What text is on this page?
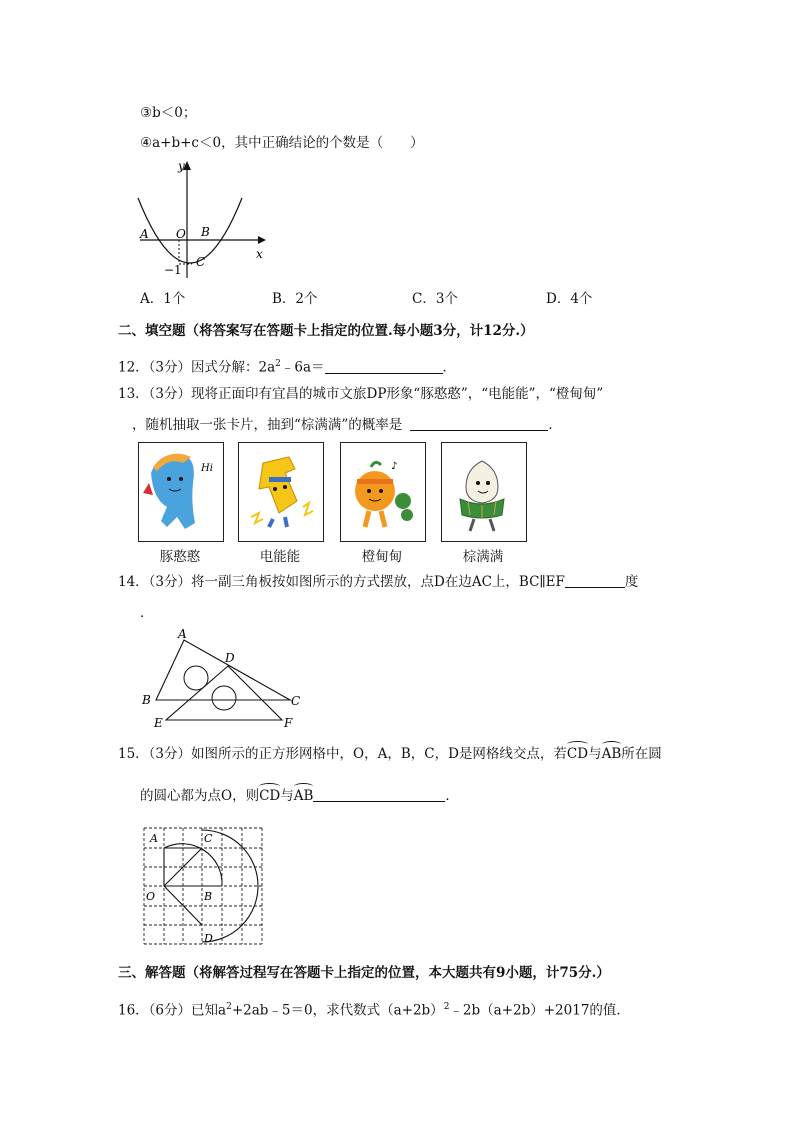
③b＜0；
④a+b+c＜0，其中正确结论的个数是（　　）
y
x
A O B
C
−1
A．1个	B．2个	C．3个	D．4个
二、填空题（将答案写在答题卡上指定的位置.每小题3分，计12分.）
12．（3分）因式分解：$2a^2﹣6a=$	．
13．（3分）现将正面印有宜昌的城市文旅DP形象“豚憨憨”，“电能能”，“橙甸甸”
，随机抽取一张卡片，抽到“棕满满”的概率是	．
Hi	♪
豚憨憨	电能能	橙甸甸	棕满满
14．（3分）将一副三角板按如图所示的方式摆放，点D在边AC上，BC∥EF	度
．
A
D
B	C
E	F
15．（3分）如图所示的正方形网格中，O，A，B，C，D是网格线交点，若CD与AB所在圆
的圆心都为点O，则CD与AB	．
A	C
O	B
D
三、解答题（将解答过程写在答题卡上指定的位置，本大题共有9小题，计75分.）
16．（6分）已知$a^2+2ab﹣5=0$，求代数式$(a+2b)^2﹣2b(a+2b)+2017$的值．
